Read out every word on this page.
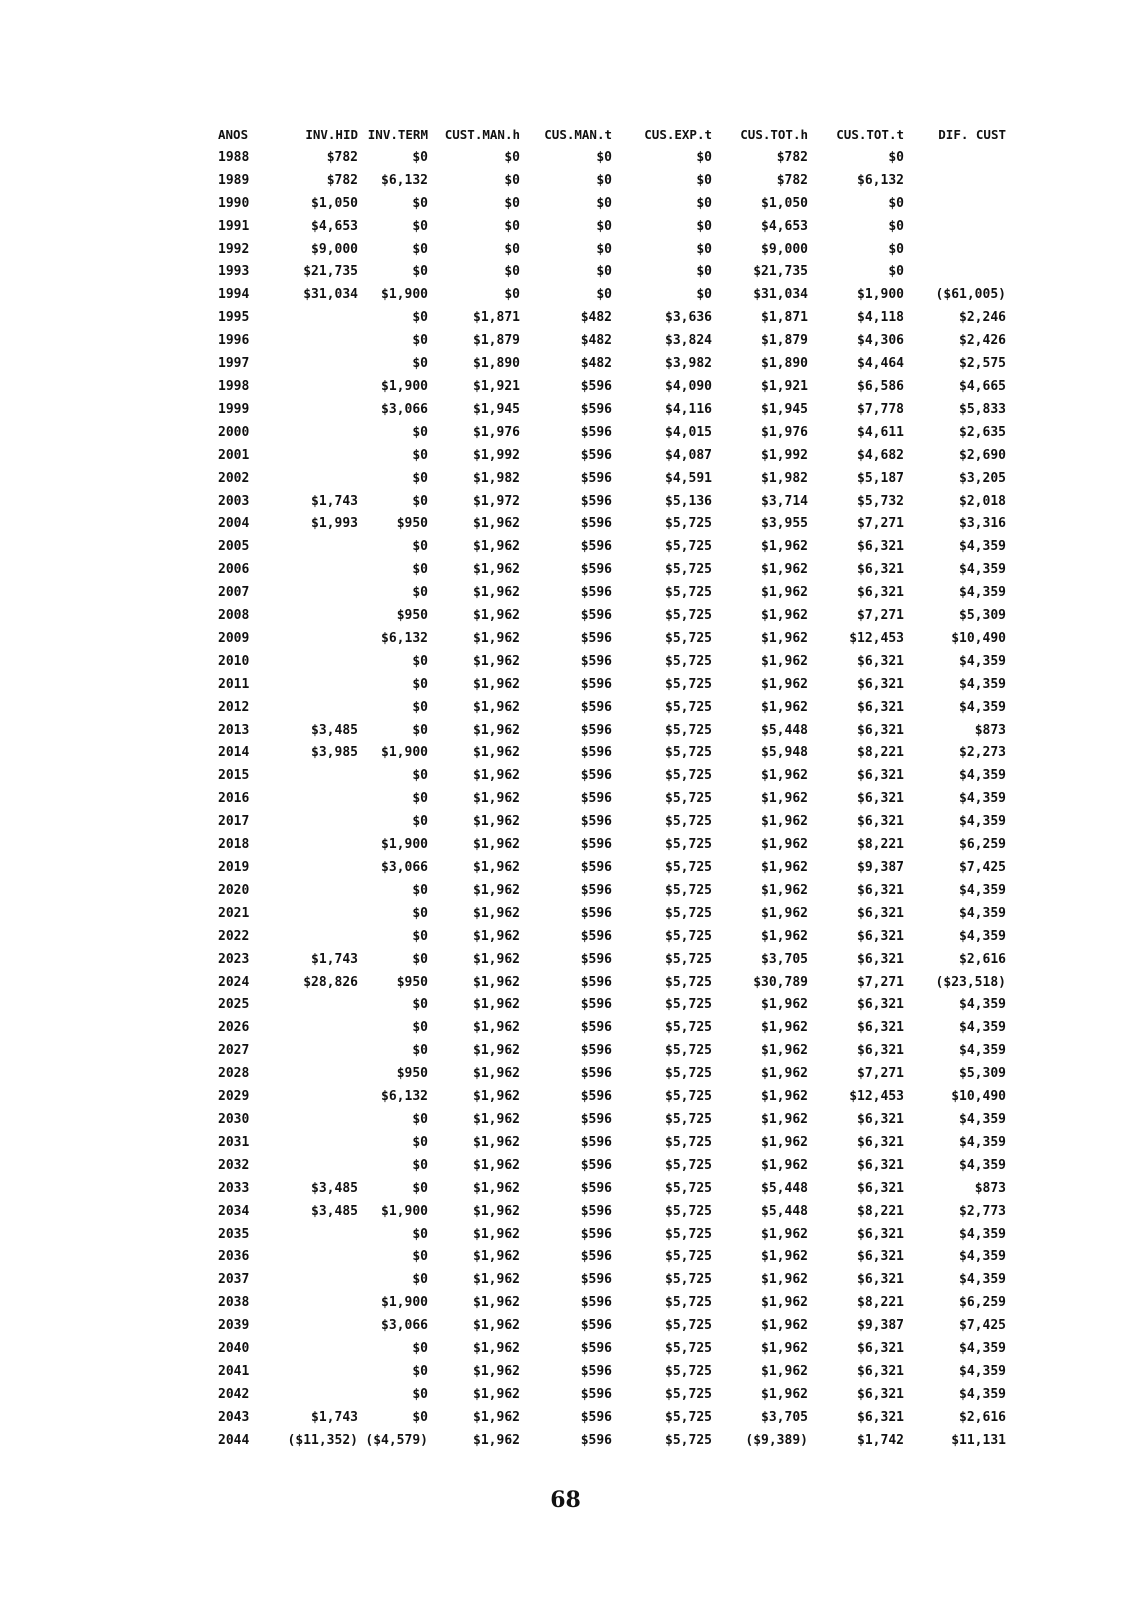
ANOS	INV.HID	INV.TERM	CUST.MAN.h	CUS.MAN.t	CUS.EXP.t	CUS.TOT.h	CUS.TOT.t	DIF. CUST
1988	$782	$0	$0	$0	$0	$782	$0	
1989	$782	$6,132	$0	$0	$0	$782	$6,132	
1990	$1,050	$0	$0	$0	$0	$1,050	$0	
1991	$4,653	$0	$0	$0	$0	$4,653	$0	
1992	$9,000	$0	$0	$0	$0	$9,000	$0	
1993	$21,735	$0	$0	$0	$0	$21,735	$0	
1994	$31,034	$1,900	$0	$0	$0	$31,034	$1,900	($61,005)
1995		$0	$1,871	$482	$3,636	$1,871	$4,118	$2,246
1996		$0	$1,879	$482	$3,824	$1,879	$4,306	$2,426
1997		$0	$1,890	$482	$3,982	$1,890	$4,464	$2,575
1998		$1,900	$1,921	$596	$4,090	$1,921	$6,586	$4,665
1999		$3,066	$1,945	$596	$4,116	$1,945	$7,778	$5,833
2000		$0	$1,976	$596	$4,015	$1,976	$4,611	$2,635
2001		$0	$1,992	$596	$4,087	$1,992	$4,682	$2,690
2002		$0	$1,982	$596	$4,591	$1,982	$5,187	$3,205
2003	$1,743	$0	$1,972	$596	$5,136	$3,714	$5,732	$2,018
2004	$1,993	$950	$1,962	$596	$5,725	$3,955	$7,271	$3,316
2005		$0	$1,962	$596	$5,725	$1,962	$6,321	$4,359
2006		$0	$1,962	$596	$5,725	$1,962	$6,321	$4,359
2007		$0	$1,962	$596	$5,725	$1,962	$6,321	$4,359
2008		$950	$1,962	$596	$5,725	$1,962	$7,271	$5,309
2009		$6,132	$1,962	$596	$5,725	$1,962	$12,453	$10,490
2010		$0	$1,962	$596	$5,725	$1,962	$6,321	$4,359
2011		$0	$1,962	$596	$5,725	$1,962	$6,321	$4,359
2012		$0	$1,962	$596	$5,725	$1,962	$6,321	$4,359
2013	$3,485	$0	$1,962	$596	$5,725	$5,448	$6,321	$873
2014	$3,985	$1,900	$1,962	$596	$5,725	$5,948	$8,221	$2,273
2015		$0	$1,962	$596	$5,725	$1,962	$6,321	$4,359
2016		$0	$1,962	$596	$5,725	$1,962	$6,321	$4,359
2017		$0	$1,962	$596	$5,725	$1,962	$6,321	$4,359
2018		$1,900	$1,962	$596	$5,725	$1,962	$8,221	$6,259
2019		$3,066	$1,962	$596	$5,725	$1,962	$9,387	$7,425
2020		$0	$1,962	$596	$5,725	$1,962	$6,321	$4,359
2021		$0	$1,962	$596	$5,725	$1,962	$6,321	$4,359
2022		$0	$1,962	$596	$5,725	$1,962	$6,321	$4,359
2023	$1,743	$0	$1,962	$596	$5,725	$3,705	$6,321	$2,616
2024	$28,826	$950	$1,962	$596	$5,725	$30,789	$7,271	($23,518)
2025		$0	$1,962	$596	$5,725	$1,962	$6,321	$4,359
2026		$0	$1,962	$596	$5,725	$1,962	$6,321	$4,359
2027		$0	$1,962	$596	$5,725	$1,962	$6,321	$4,359
2028		$950	$1,962	$596	$5,725	$1,962	$7,271	$5,309
2029		$6,132	$1,962	$596	$5,725	$1,962	$12,453	$10,490
2030		$0	$1,962	$596	$5,725	$1,962	$6,321	$4,359
2031		$0	$1,962	$596	$5,725	$1,962	$6,321	$4,359
2032		$0	$1,962	$596	$5,725	$1,962	$6,321	$4,359
2033	$3,485	$0	$1,962	$596	$5,725	$5,448	$6,321	$873
2034	$3,485	$1,900	$1,962	$596	$5,725	$5,448	$8,221	$2,773
2035		$0	$1,962	$596	$5,725	$1,962	$6,321	$4,359
2036		$0	$1,962	$596	$5,725	$1,962	$6,321	$4,359
2037		$0	$1,962	$596	$5,725	$1,962	$6,321	$4,359
2038		$1,900	$1,962	$596	$5,725	$1,962	$8,221	$6,259
2039		$3,066	$1,962	$596	$5,725	$1,962	$9,387	$7,425
2040		$0	$1,962	$596	$5,725	$1,962	$6,321	$4,359
2041		$0	$1,962	$596	$5,725	$1,962	$6,321	$4,359
2042		$0	$1,962	$596	$5,725	$1,962	$6,321	$4,359
2043	$1,743	$0	$1,962	$596	$5,725	$3,705	$6,321	$2,616
2044	($11,352)	($4,579)	$1,962	$596	$5,725	($9,389)	$1,742	$11,131
68
